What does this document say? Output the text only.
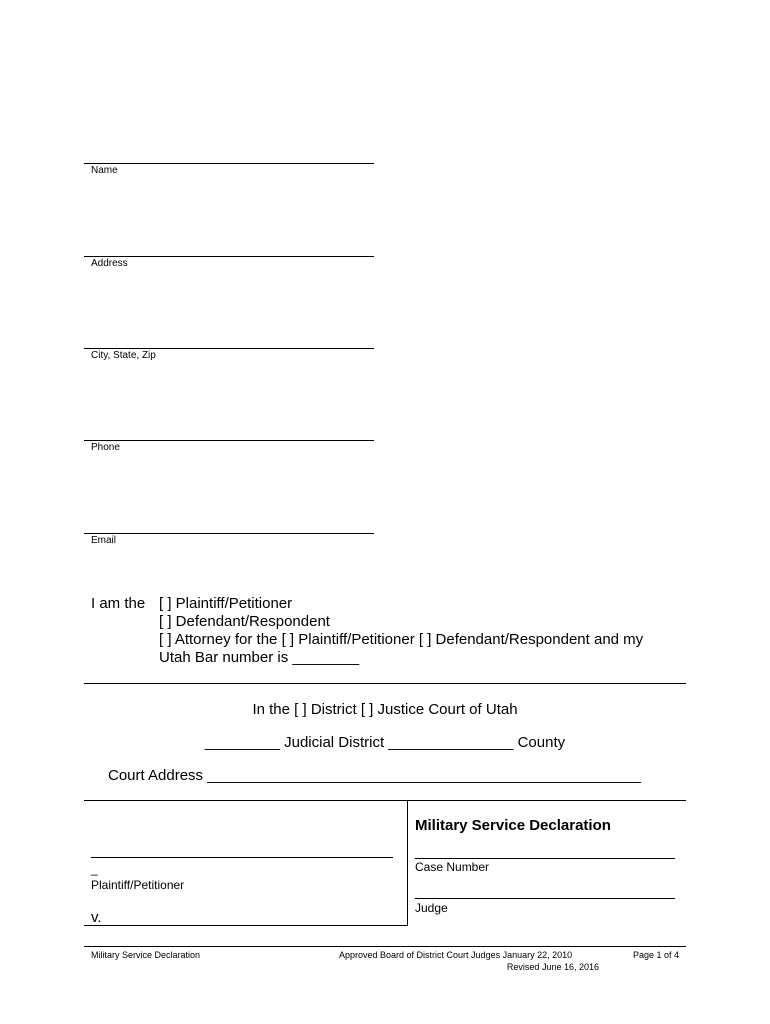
Name
Address
City, State, Zip
Phone
Email
I am the [ ] Plaintiff/Petitioner
[ ] Defendant/Respondent
[ ] Attorney for the [ ] Plaintiff/Petitioner [ ] Defendant/Respondent and my
Utah Bar number is ________
In the [ ] District [ ] Justice Court of Utah
_________ Judicial District _______________ County
Court Address ____________________________________________________
Military Service Declaration
_
Plaintiff/Petitioner
v.
Case Number
Judge
Military Service Declaration	Approved Board of District Court Judges January 22, 2010
Revised June 16, 2016
Page 1 of 4
